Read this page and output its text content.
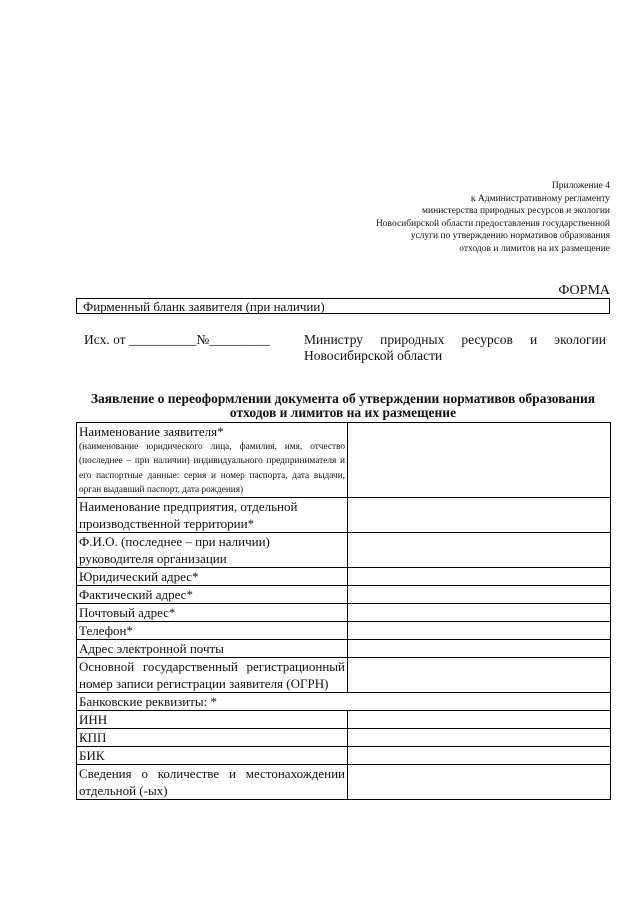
Приложение 4
к Административному регламенту
министерства природных ресурсов и экологии
Новосибирской области предоставления государственной
услуги по утверждению нормативов образования
отходов и лимитов на их размещение
ФОРМА
Фирменный бланк заявителя (при наличии)
Исх. от __________№_________	Министру природных ресурсов и экологии Новосибирской области
Заявление о переоформлении документа об утверждении нормативов образования отходов и лимитов на их размещение
Наименование заявителя*
(наименование юридического лица, фамилия, имя, отчество (последнее – при наличии) индивидуального предпринимателя и его паспортные данные: серия и номер паспорта, дата выдачи, орган выдавший паспорт, дата рождения)	

Наименование предприятия, отдельной производственной территории*	
Ф.И.О. (последнее – при наличии) руководителя организации	
Юридический адрес*	
Фактический адрес*	
Почтовый адрес*	
Телефон*	
Адрес электронной почты	
Основной государственный регистрационный номер записи регистрации заявителя (ОГРН)	
Банковские реквизиты: *	
ИНН	
КПП	
БИК	
Сведения о количестве и местонахождении отдельной (-ых)	
